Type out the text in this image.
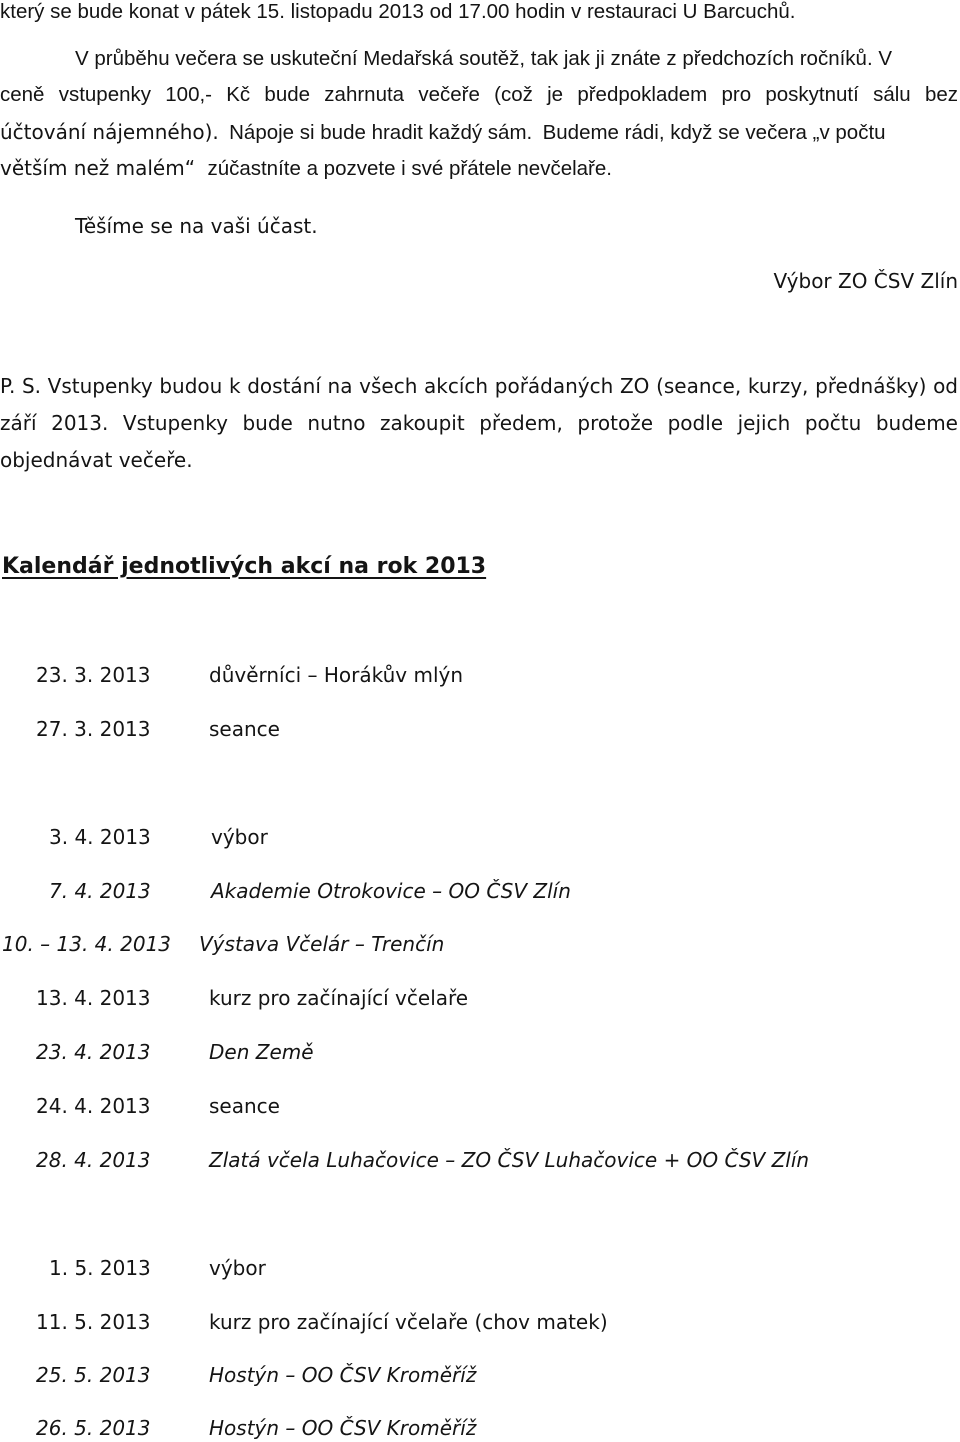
který se bude konat v pátek 15. listopadu 2013 od 17.00 hodin v restauraci U Barcuchů.
V průběhu večera se uskuteční Medařská soutěž, tak jak ji znáte z předchozích ročníků. V
ceně vstupenky 100,- Kč bude zahrnuta večeře (což je předpokladem pro poskytnutí sálu bez
účtování nájemného). Nápoje si bude hradit každý sám. Budeme rádi, když se večera „v počtu
větším než malém“ zúčastníte a pozvete i své přátele nevčelaře.
Těšíme se na vaši účast.
Výbor ZO ČSV Zlín
P. S. Vstupenky budou k dostání na všech akcích pořádaných ZO (seance, kurzy, přednášky) od
září 2013. Vstupenky bude nutno zakoupit předem, protože podle jejich počtu budeme
objednávat večeře.
Kalendář jednotlivých akcí na rok 2013
23. 3. 2013	důvěrníci – Horákův mlýn
27. 3. 2013	seance
3. 4. 2013	výbor
7. 4. 2013	Akademie Otrokovice – OO ČSV Zlín
10. – 13. 4. 2013 Výstava Včelár – Trenčín
13. 4. 2013	kurz pro začínající včelaře
23. 4. 2013	Den Země
24. 4. 2013	seance
28. 4. 2013	Zlatá včela Luhačovice – ZO ČSV Luhačovice + OO ČSV Zlín
1. 5. 2013	výbor
11. 5. 2013	kurz pro začínající včelaře (chov matek)
25. 5. 2013	Hostýn – OO ČSV Kroměříž
26. 5. 2013	Hostýn – OO ČSV Kroměříž
